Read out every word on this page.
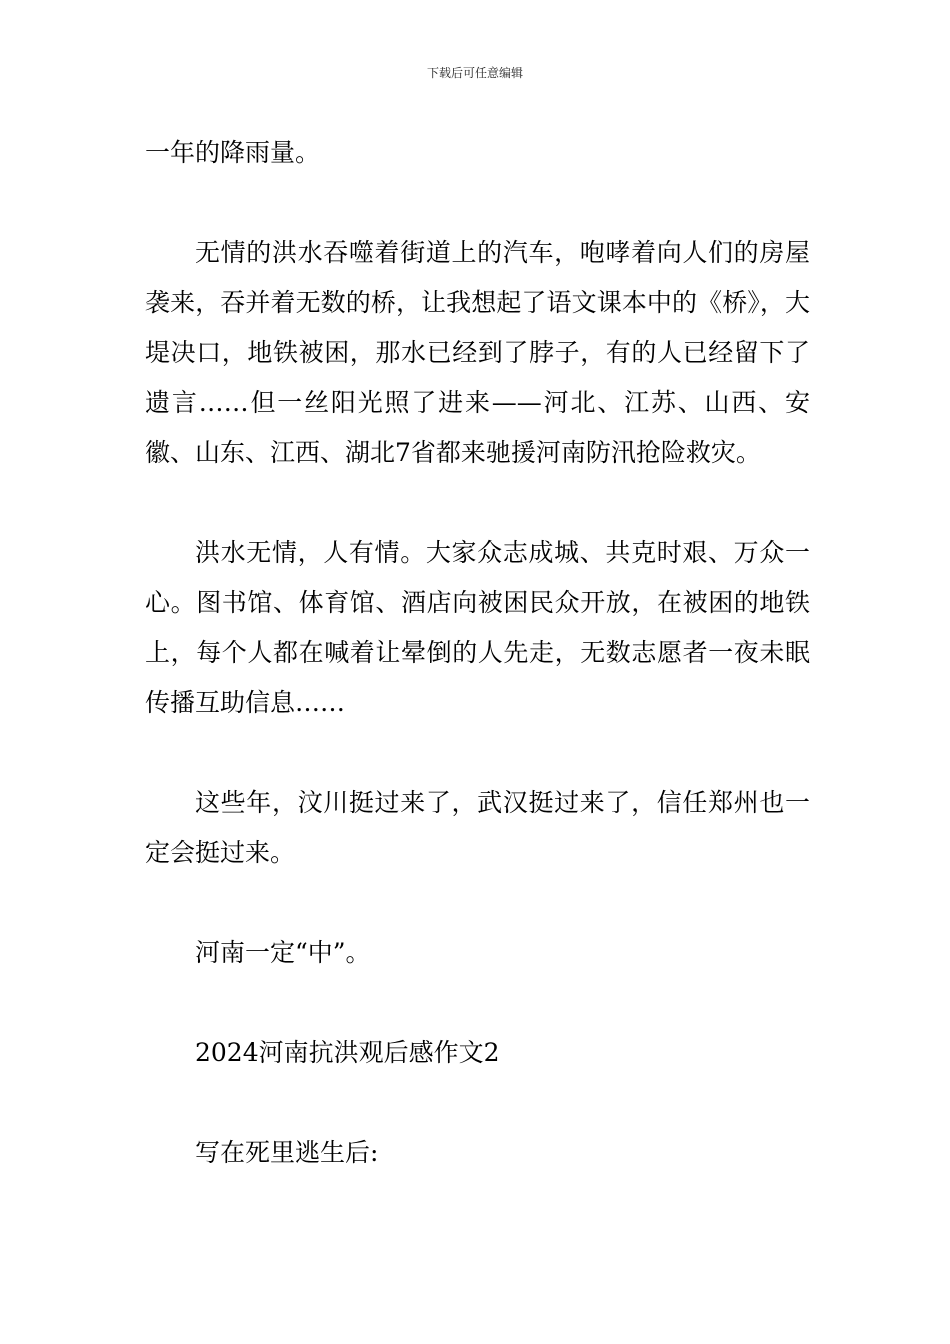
下载后可任意编辑

一年的降雨量。

无情的洪水吞噬着街道上的汽车，咆哮着向人们的房屋袭来，吞并着无数的桥，让我想起了语文课本中的《桥》，大堤决口，地铁被困，那水已经到了脖子，有的人已经留下了遗言……但一丝阳光照了进来——河北、江苏、山西、安徽、山东、江西、湖北7省都来驰援河南防汛抢险救灾。

洪水无情，人有情。大家众志成城、共克时艰、万众一心。图书馆、体育馆、酒店向被困民众开放，在被困的地铁上，每个人都在喊着让晕倒的人先走，无数志愿者一夜未眠传播互助信息……

这些年，汶川挺过来了，武汉挺过来了，信任郑州也一定会挺过来。

河南一定“中”。

2024河南抗洪观后感作文2

写在死里逃生后:
